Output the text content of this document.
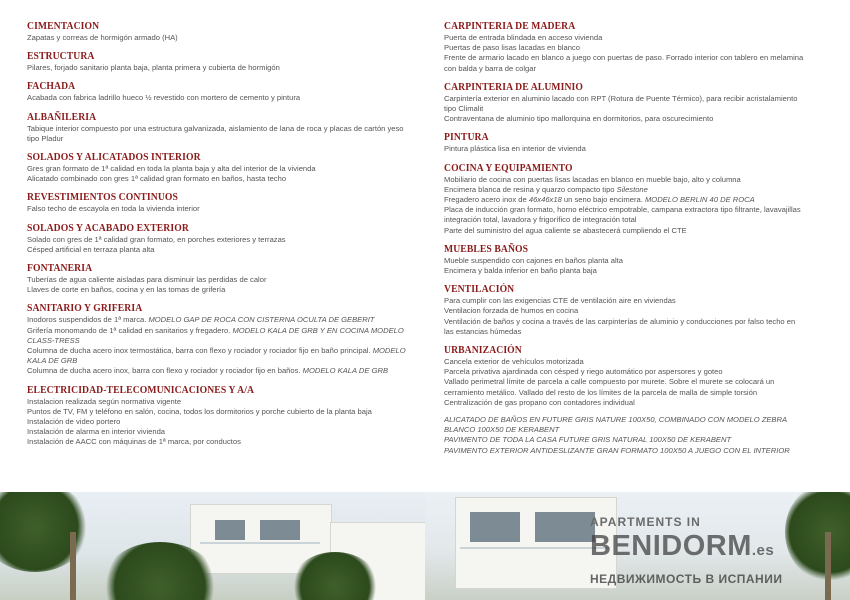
CIMENTACION
Zapatas y correas de hormigón armado (HA)
ESTRUCTURA
Pilares, forjado sanitario planta baja, planta primera y cubierta de hormigón
FACHADA
Acabada con fabrica ladrillo hueco ½ revestido con mortero de cemento y pintura
ALBAÑILERIA
Tabique interior compuesto por una estructura galvanizada, aislamiento de lana de roca y placas de cartón yeso
tipo Pladur
SOLADOS Y ALICATADOS INTERIOR
Gres gran formato de 1ª calidad en toda la planta baja y alta del interior de la vivienda
Alicatado combinado con gres 1ª calidad gran formato en baños, hasta techo
REVESTIMIENTOS CONTINUOS
Falso techo de escayola en toda la vivienda interior
SOLADOS Y ACABADO EXTERIOR
Solado con gres de 1ª calidad gran formato, en porches exteriores y terrazas
Césped artificial en terraza planta alta
FONTANERIA
Tuberías de agua caliente aisladas para disminuir las perdidas de calor
Llaves de corte en baños, cocina y en las tomas de grifería
SANITARIO Y GRIFERIA
Inodoros suspendidos de 1ª marca. MODELO GAP DE ROCA CON CISTERNA OCULTA DE GEBERIT
Grifería monomando de 1ª calidad en sanitarios y fregadero. MODELO KALA DE GRB Y EN COCINA MODELO CLASS-TRESS
Columna de ducha acero inox termostática, barra con flexo y rociador y rociador fijo en baño principal. MODELO KALA DE GRB
Columna de ducha acero inox, barra con flexo y rociador y rociador fijo en baños. MODELO KALA DE GRB
ELECTRICIDAD-TELECOMUNICACIONES Y A/A
Instalacion realizada según normativa vigente
Puntos de TV, FM y teléfono en salón, cocina, todos los dormitorios y porche cubierto de la planta baja
Instalación de video portero
Instalación de alarma en interior vivienda
Instalación de AACC con máquinas de 1ª marca, por conductos
CARPINTERIA DE MADERA
Puerta de entrada blindada en acceso vivienda
Puertas de paso lisas lacadas en blanco
Frente de armario lacado en blanco a juego con puertas de paso. Forrado interior con tablero en melamina
con balda y barra de colgar
CARPINTERIA DE ALUMINIO
Carpintería exterior en aluminio lacado con RPT (Rotura de Puente Térmico), para recibir acristalamiento
tipo Climalit
Contraventana de aluminio tipo mallorquina en dormitorios, para oscurecimiento
PINTURA
Pintura plástica lisa en interior de vivienda
COCINA Y EQUIPAMIENTO
Mobiliario de cocina con puertas lisas lacadas en blanco en mueble bajo, alto y columna
Encimera blanca de resina y quarzo compacto tipo Silestone
Fregadero acero inox de 46x46x18 un seno bajo encimera. MODELO BERLIN 40 DE ROCA
Placa de inducción gran formato, horno eléctrico empotrable, campana extractora tipo filtrante, lavavajillas
integración total, lavadora y frigorífico de integración total
Parte del suministro del agua caliente se abastecerá cumpliendo el CTE
MUEBLES BAÑOS
Mueble suspendido con cajones en baños planta alta
Encimera y balda inferior en baño planta baja
VENTILACIÓN
Para cumplir con las exigencias CTE de ventilación aire en viviendas
Ventilacion forzada de humos en cocina
Ventilación de baños y cocina a través de las carpinterías de aluminio y conducciones por falso techo en
las estancias húmedas
URBANIZACIÓN
Cancela exterior de vehículos motorizada
Parcela privativa ajardinada con césped y riego automático por aspersores y goteo
Vallado perimetral límite de parcela a calle compuesto por murete. Sobre el murete se colocará un
cerramiento metálico. Vallado del resto de los límites de la parcela de malla de simple torsión
Centralización de gas propano con contadores individual
ALICATADO DE BAÑOS EN FUTURE GRIS NATURE 100X50, COMBINADO CON MODELO ZEBRA
BLANCO 100X50 DE KERABENT
PAVIMENTO DE TODA LA CASA FUTURE GRIS NATURAL 100X50 DE KERABENT
PAVIMENTO EXTERIOR ANTIDESLIZANTE GRAN FORMATO 100X50 A JUEGO CON EL INTERIOR
APARTMENTS IN
BENIDORM.es
НЕДВИЖИМОСТЬ В ИСПАНИИ
